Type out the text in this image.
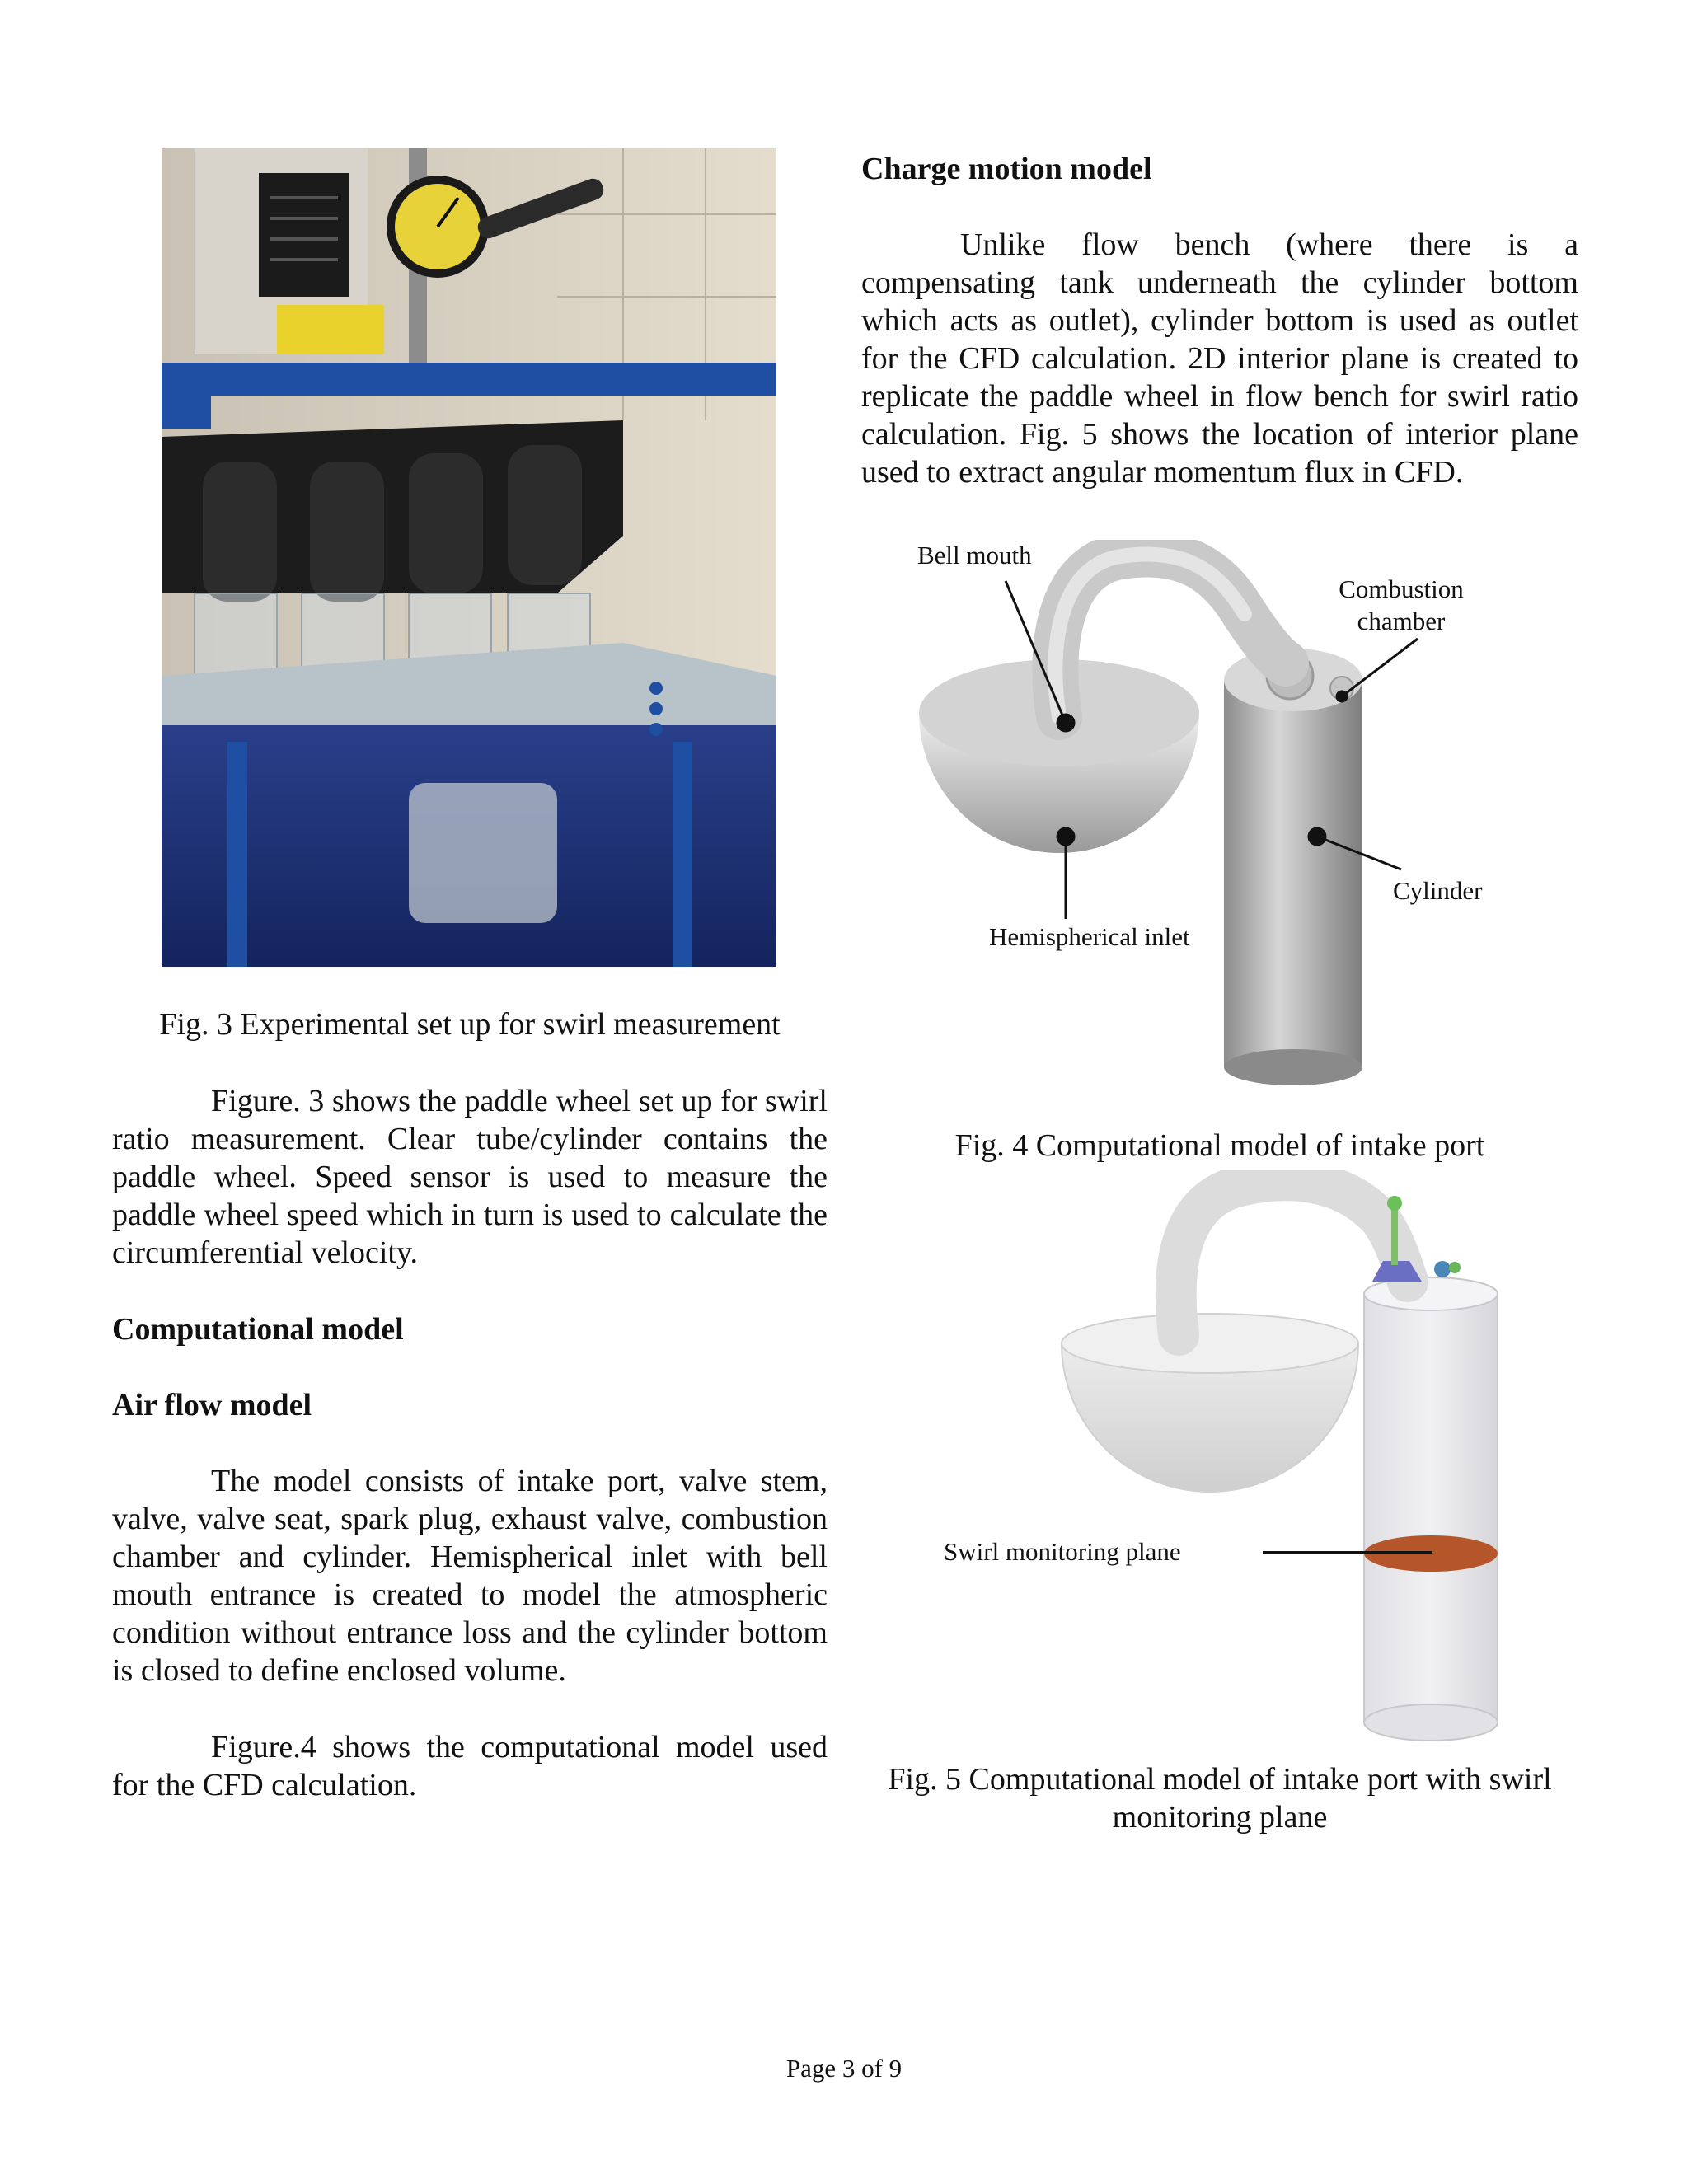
Fig. 3 Experimental set up for swirl measurement
Figure. 3 shows the paddle wheel set up for swirl ratio measurement. Clear tube/cylinder contains the paddle wheel. Speed sensor is used to measure the paddle wheel speed which in turn is used to calculate the circumferential velocity.
Computational model
Air flow model
The model consists of intake port, valve stem, valve, valve seat, spark plug, exhaust valve, combustion chamber and cylinder. Hemispherical inlet with bell mouth entrance is created to model the atmospheric condition without entrance loss and the cylinder bottom is closed to define enclosed volume.
Figure.4 shows the computational model used for the CFD calculation.
Charge motion model
Unlike flow bench (where there is a compensating tank underneath the cylinder bottom which acts as outlet), cylinder bottom is used as outlet for the CFD calculation. 2D interior plane is created to replicate the paddle wheel in flow bench for swirl ratio calculation. Fig. 5 shows the location of interior plane used to extract angular momentum flux in CFD.
Bell mouth
Combustion
chamber
Cylinder
Hemispherical inlet
Fig. 4 Computational model of intake port
Swirl monitoring plane
Fig. 5 Computational model of intake port with swirl
monitoring plane
Page 3 of 9
